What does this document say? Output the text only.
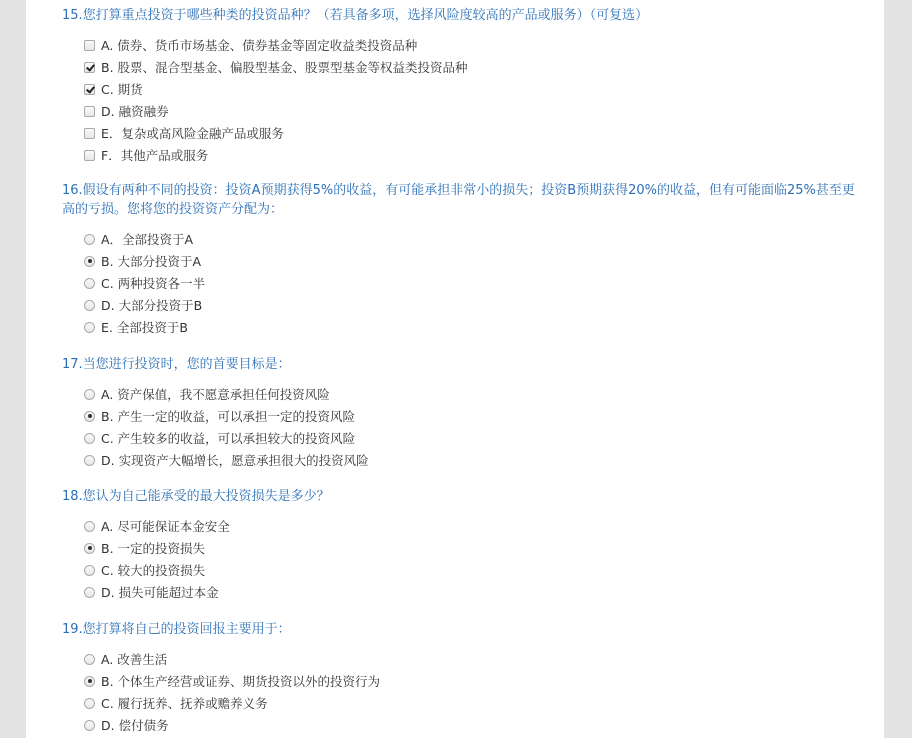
15.您打算重点投资于哪些种类的投资品种？（若具备多项，选择风险度较高的产品或服务）（可复选）

A. 债券、货币市场基金、债券基金等固定收益类投资品种
B. 股票、混合型基金、偏股型基金、股票型基金等权益类投资品种
C. 期货
D. 融资融券
E．复杂或高风险金融产品或服务
F．其他产品或服务

16.假设有两种不同的投资：投资A预期获得5%的收益，有可能承担非常小的损失；投资B预期获得20%的收益，但有可能面临25%甚至更高的亏损。您将您的投资资产分配为：

A．全部投资于A
B. 大部分投资于A
C. 两种投资各一半
D. 大部分投资于B
E. 全部投资于B

17.当您进行投资时，您的首要目标是：

A. 资产保值，我不愿意承担任何投资风险
B. 产生一定的收益，可以承担一定的投资风险
C. 产生较多的收益，可以承担较大的投资风险
D. 实现资产大幅增长，愿意承担很大的投资风险

18.您认为自己能承受的最大投资损失是多少？

A. 尽可能保证本金安全
B. 一定的投资损失
C. 较大的投资损失
D. 损失可能超过本金

19.您打算将自己的投资回报主要用于：

A. 改善生活
B. 个体生产经营或证券、期货投资以外的投资行为
C. 履行抚养、抚养或赡养义务
D. 偿付债务
